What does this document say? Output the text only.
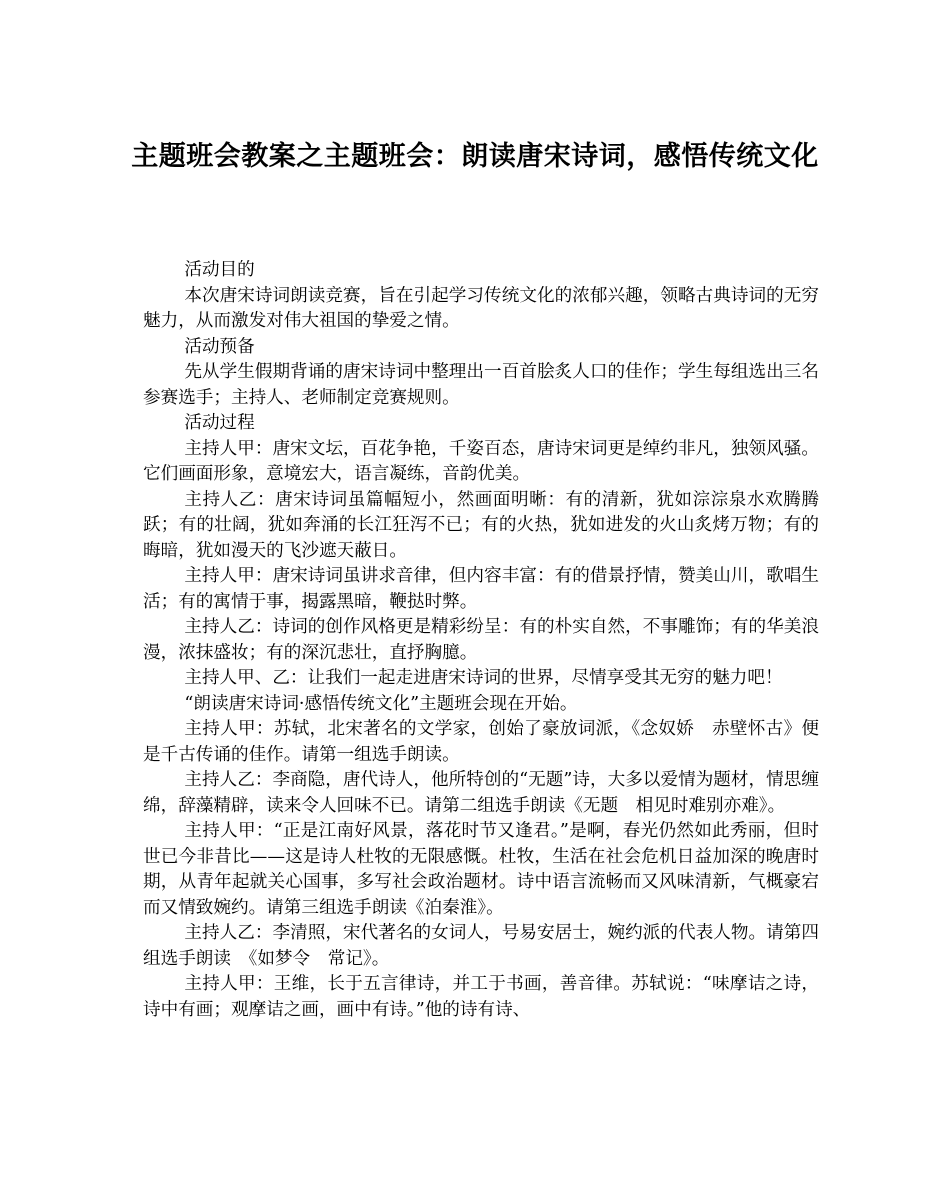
主题班会教案之主题班会：朗读唐宋诗词，感悟传统文化

活动目的

本次唐宋诗词朗读竞赛，旨在引起学习传统文化的浓郁兴趣，领略古典诗词的无穷魅力，从而激发对伟大祖国的挚爱之情。

活动预备

先从学生假期背诵的唐宋诗词中整理出一百首脍炙人口的佳作；学生每组选出三名参赛选手；主持人、老师制定竞赛规则。

活动过程

主持人甲：唐宋文坛，百花争艳，千姿百态，唐诗宋词更是绰约非凡，独领风骚。它们画面形象，意境宏大，语言凝练，音韵优美。

主持人乙：唐宋诗词虽篇幅短小，然画面明晰：有的清新，犹如淙淙泉水欢腾腾跃；有的壮阔，犹如奔涌的长江狂泻不已；有的火热，犹如进发的火山炙烤万物；有的晦暗，犹如漫天的飞沙遮天蔽日。

主持人甲：唐宋诗词虽讲求音律，但内容丰富：有的借景抒情，赞美山川，歌唱生活；有的寓情于事，揭露黑暗，鞭挞时弊。

主持人乙：诗词的创作风格更是精彩纷呈：有的朴实自然，不事雕饰；有的华美浪漫，浓抹盛妆；有的深沉悲壮，直抒胸臆。

主持人甲、乙：让我们一起走进唐宋诗词的世界，尽情享受其无穷的魅力吧！

“朗读唐宋诗词·感悟传统文化”主题班会现在开始。

主持人甲：苏轼，北宋著名的文学家，创始了豪放词派，《念奴娇　赤壁怀古》便是千古传诵的佳作。请第一组选手朗读。

主持人乙：李商隐，唐代诗人，他所特创的“无题”诗，大多以爱情为题材，情思缠绵，辞藻精辟，读来令人回味不已。请第二组选手朗读《无题　相见时难别亦难》。

主持人甲：“正是江南好风景，落花时节又逢君。”是啊，春光仍然如此秀丽，但时世已今非昔比——这是诗人杜牧的无限感慨。杜牧，生活在社会危机日益加深的晚唐时期，从青年起就关心国事，多写社会政治题材。诗中语言流畅而又风味清新，气概豪宕而又情致婉约。请第三组选手朗读《泊秦淮》。

主持人乙：李清照，宋代著名的女词人，号易安居士，婉约派的代表人物。请第四组选手朗读　《如梦令　常记》。

主持人甲：王维，长于五言律诗，并工于书画，善音律。苏轼说：“味摩诘之诗，诗中有画；观摩诘之画，画中有诗。”他的诗有诗、
